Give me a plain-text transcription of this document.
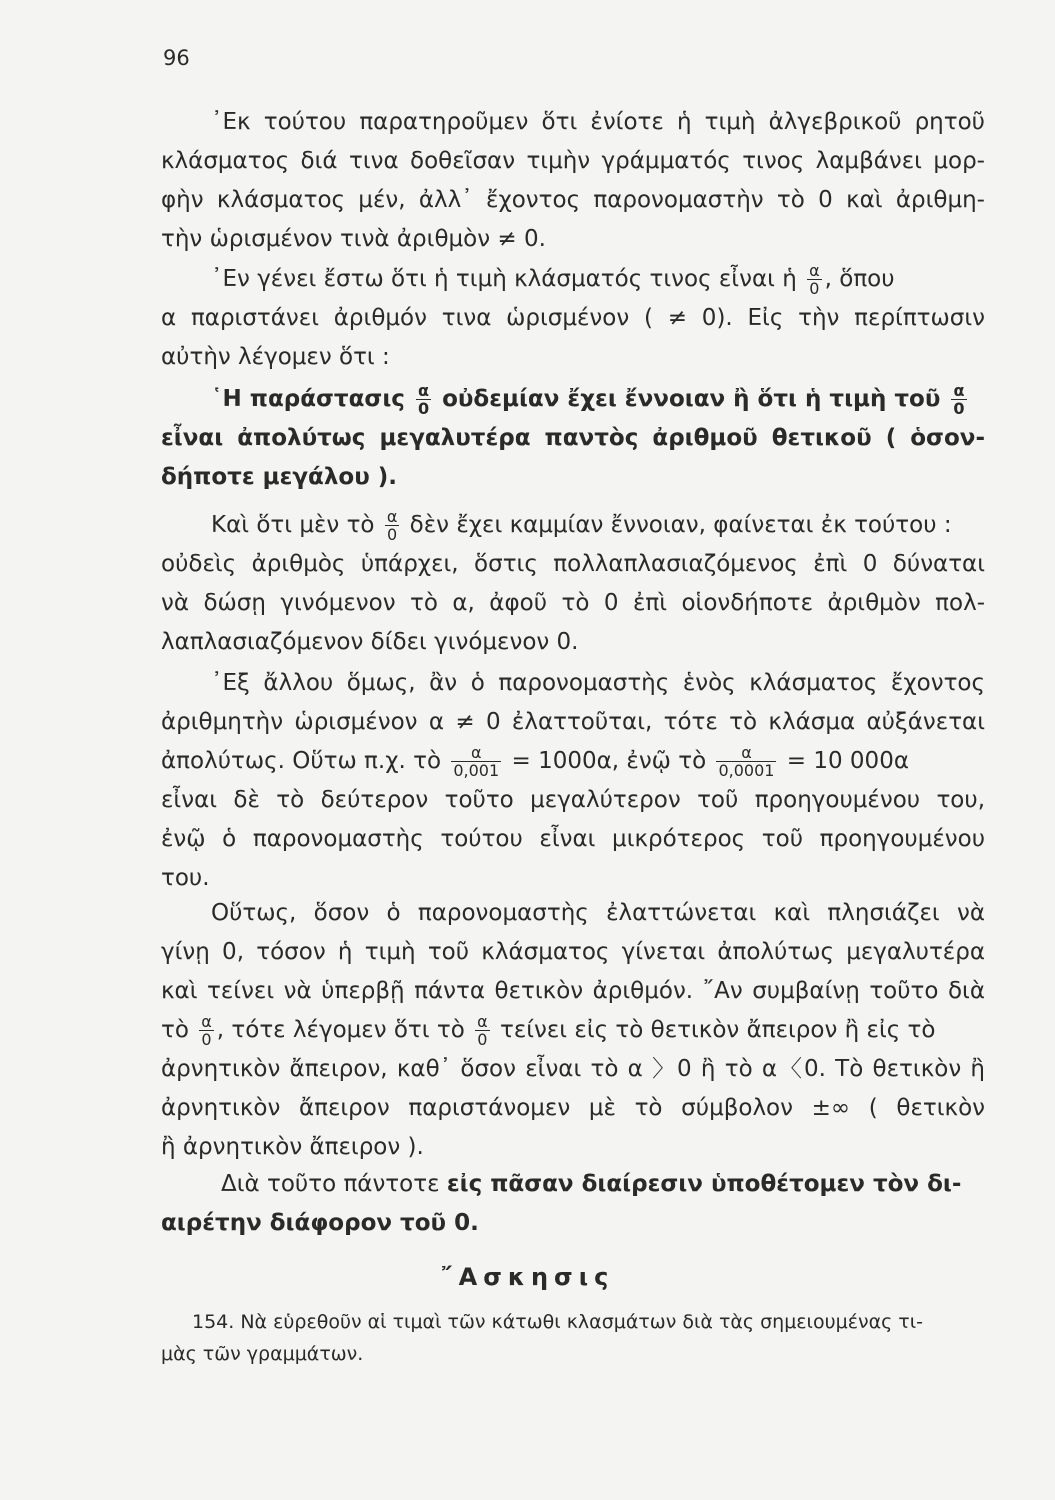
96
᾿Εκ τούτου παρατηροῦμεν ὅτι ἐνίοτε ἡ τιμὴ ἀλγεβρικοῦ ρητοῦ
κλάσματος διά τινα δοθεῖσαν τιμὴν γράμματός τινος λαμβάνει μορ-
φὴν κλάσματος μέν, ἀλλ᾿ ἔχοντος παρονομαστὴν τὸ 0 καὶ ἀριθμη-
τὴν ὡρισμένον τινὰ ἀριθμὸν ≠ 0.
᾿Εν γένει ἔστω ὅτι ἡ τιμὴ κλάσματός τινος εἶναι ἡ $\frac{\alpha}{0}$ , ὅπου
α παριστάνει ἀριθμόν τινα ὡρισμένον ( ≠ 0). Εἰς τὴν περίπτωσιν
αὐτὴν λέγομεν ὅτι :
῾Η παράστασις $\frac{\alpha}{0}$ οὐδεμίαν ἔχει ἔννοιαν ἢ ὅτι ἡ τιμὴ τοῦ $\frac{\alpha}{0}$
εἶναι ἀπολύτως μεγαλυτέρα παντὸς ἀριθμοῦ θετικοῦ ( ὁσον-
δήποτε μεγάλου ).
Καὶ ὅτι μὲν τὸ $\frac{\alpha}{0}$ δὲν ἔχει καμμίαν ἔννοιαν, φαίνεται ἐκ τούτου :
οὐδεὶς ἀριθμὸς ὑπάρχει, ὅστις πολλαπλασιαζόμενος ἐπὶ 0 δύναται
νὰ δώσῃ γινόμενον τὸ α, ἀφοῦ τὸ 0 ἐπὶ οἱονδήποτε ἀριθμὸν πολ-
λαπλασιαζόμενον δίδει γινόμενον 0.
᾿Εξ ἄλλου ὅμως, ἂν ὁ παρονομαστὴς ἑνὸς κλάσματος ἔχοντος
ἀριθμητὴν ὡρισμένον α ≠ 0 ἐλαττοῦται, τότε τὸ κλάσμα αὐξάνεται
ἀπολύτως. Οὕτω π.χ. τὸ $\frac{\alpha}{0,001} = 1000\alpha$, ἐνῷ τὸ $\frac{\alpha}{0,0001} = 10$ 000α
εἶναι δὲ τὸ δεύτερον τοῦτο μεγαλύτερον τοῦ προηγουμένου του,
ἐνῷ ὁ παρονομαστὴς τούτου εἶναι μικρότερος τοῦ προηγουμένου
του.
Οὕτως, ὅσον ὁ παρονομαστὴς ἐλαττώνεται καὶ πλησιάζει νὰ
γίνῃ 0, τόσον ἡ τιμὴ τοῦ κλάσματος γίνεται ἀπολύτως μεγαλυτέρα
καὶ τείνει νὰ ὑπερβῇ πάντα θετικὸν ἀριθμόν. ῎Αν συμβαίνῃ τοῦτο διὰ
τὸ $\frac{\alpha}{0}$ , τότε λέγομεν ὅτι τὸ $\frac{\alpha}{0}$ τείνει εἰς τὸ θετικὸν ἄπειρον ἢ εἰς τὸ
ἀρνητικὸν ἄπειρον, καθ᾿ ὅσον εἶναι τὸ α 〉0 ἢ τὸ α〈0. Τὸ θετικὸν ἢ
ἀρνητικὸν ἄπειρον παριστάνομεν μὲ τὸ σύμβολον ±∞ ( θετικὸν
ἢ ἀρνητικὸν ἄπειρον ).
Διὰ τοῦτο πάντοτε εἰς πᾶσαν διαίρεσιν ὑποθέτομεν τὸν δι-
αιρέτην διάφορον τοῦ 0.
῎Ασκησις
154. Νὰ εὑρεθοῦν αἱ τιμαὶ τῶν κάτωθι κλασμάτων διὰ τὰς σημειουμένας τι-
μὰς τῶν γραμμάτων.
